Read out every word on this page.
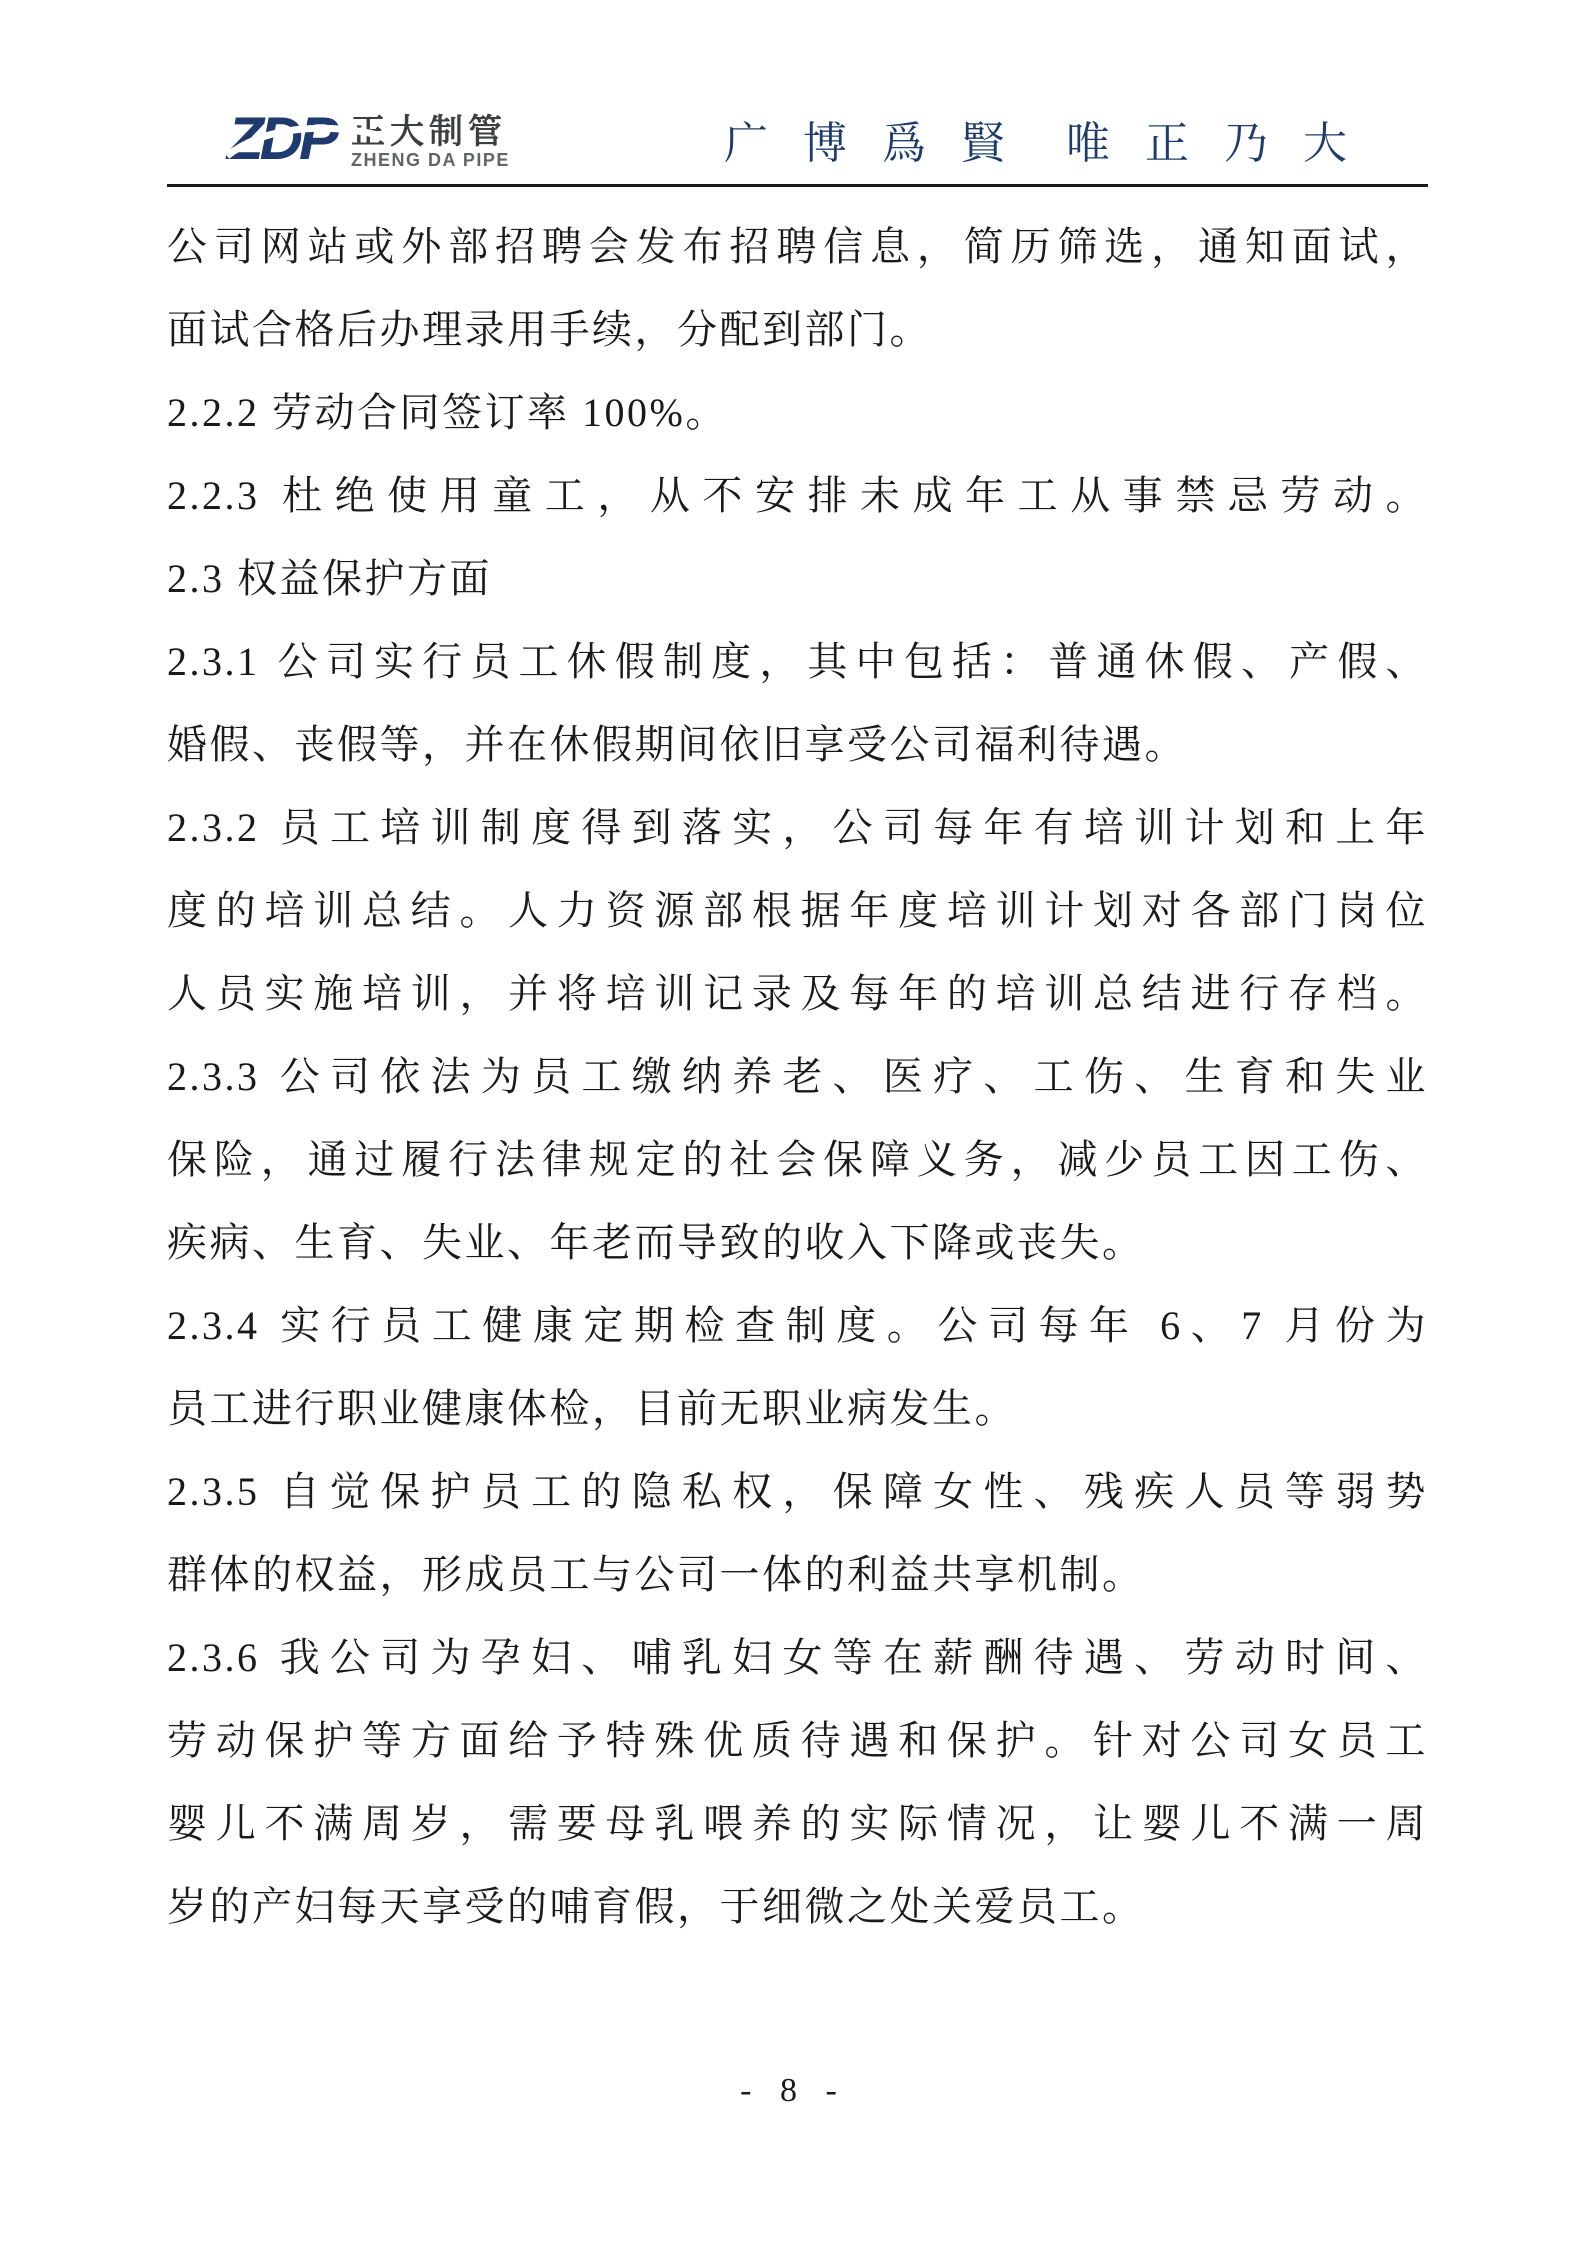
ZDP 正大制管
ZHENG DA PIPE	广 博 爲 賢 唯 正 乃 大
公司网站或外部招聘会发布招聘信息，简历筛选，通知面试，
面试合格后办理录用手续，分配到部门。
2.2.2 劳动合同签订率 100%。
2.2.3 杜绝使用童工，从不安排未成年工从事禁忌劳动。
2.3 权益保护方面
2.3.1 公司实行员工休假制度，其中包括：普通休假、产假、
婚假、丧假等，并在休假期间依旧享受公司福利待遇。
2.3.2 员工培训制度得到落实，公司每年有培训计划和上年
度的培训总结。人力资源部根据年度培训计划对各部门岗位
人员实施培训，并将培训记录及每年的培训总结进行存档。
2.3.3 公司依法为员工缴纳养老、医疗、工伤、生育和失业
保险，通过履行法律规定的社会保障义务，减少员工因工伤、
疾病、生育、失业、年老而导致的收入下降或丧失。
2.3.4 实行员工健康定期检查制度。公司每年 6、7 月份为
员工进行职业健康体检，目前无职业病发生。
2.3.5 自觉保护员工的隐私权，保障女性、残疾人员等弱势
群体的权益，形成员工与公司一体的利益共享机制。
2.3.6 我公司为孕妇、哺乳妇女等在薪酬待遇、劳动时间、
劳动保护等方面给予特殊优质待遇和保护。针对公司女员工
婴儿不满周岁，需要母乳喂养的实际情况，让婴儿不满一周
岁的产妇每天享受的哺育假，于细微之处关爱员工。
- 8 -
